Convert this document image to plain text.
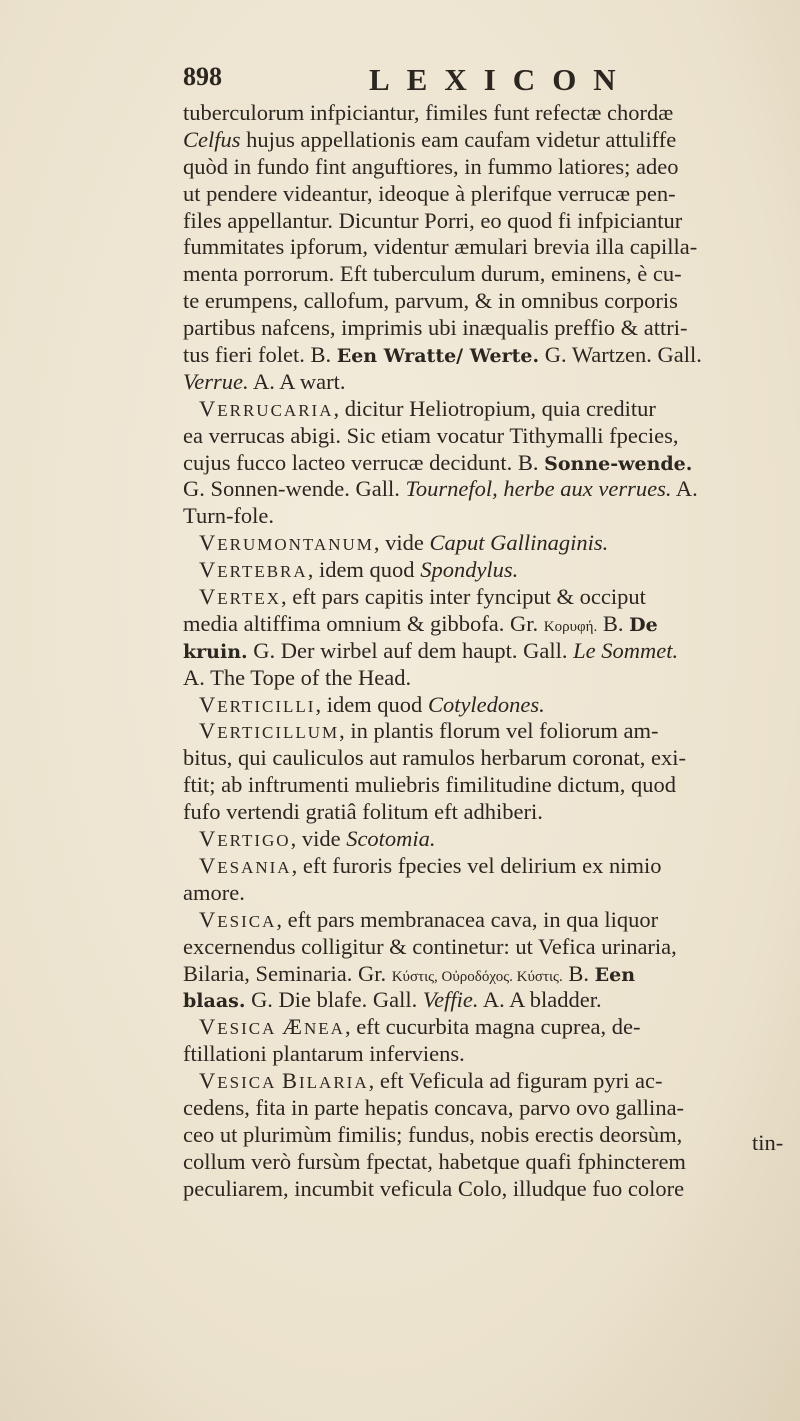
898	LEXICON
tuberculorum infpiciantur, fimiles funt refectæ chordæ
Celfus hujus appellationis eam caufam videtur attuliffe
quòd in fundo fint anguftiores, in fummo latiores; adeo
ut pendere videantur, ideoque à plerifque verrucæ pen-
files appellantur. Dicuntur Porri, eo quod fi infpiciantur
fummitates ipforum, videntur æmulari brevia illa capilla-
menta porrorum. Eft tuberculum durum, eminens, è cu-
te erumpens, callofum, parvum, & in omnibus corporis
partibus nafcens, imprimis ubi inæqualis preffio & attri-
tus fieri folet. B. Een Wratte/ Werte. G. Wartzen. Gall.
Verrue. A. A wart.
VERRUCARIA, dicitur Heliotropium, quia creditur
ea verrucas abigi. Sic etiam vocatur Tithymalli fpecies,
cujus fucco lacteo verrucæ decidunt. B. Sonne-wende.
G. Sonnen-wende. Gall. Tournefol, herbe aux verrues. A.
Turn-fole.
VERUMONTANUM, vide Caput Gallinaginis.
VERTEBRA, idem quod Spondylus.
VERTEX, eft pars capitis inter fynciput & occiput
media altiffima omnium & gibbofa. Gr. Κορυφή. B. De
kruin. G. Der wirbel auf dem haupt. Gall. Le Sommet.
A. The Tope of the Head.
VERTICILLI, idem quod Cotyledones.
VERTICILLUM, in plantis florum vel foliorum am-
bitus, qui cauliculos aut ramulos herbarum coronat, exi-
ftit; ab inftrumenti muliebris fimilitudine dictum, quod
fufo vertendi gratiâ folitum eft adhiberi.
VERTIGO, vide Scotomia.
VESANIA, eft furoris fpecies vel delirium ex nimio
amore.
VESICA, eft pars membranacea cava, in qua liquor
excernendus colligitur & continetur: ut Vefica urinaria,
Bilaria, Seminaria. Gr. Κύστις, Οὐροδόχος. Κύστις. B. Een
blaas. G. Die blafe. Gall. Veffie. A. A bladder.
VESICA ÆNEA, eft cucurbita magna cuprea, de-
ftillationi plantarum inferviens.
VESICA BILARIA, eft Veficula ad figuram pyri ac-
cedens, fita in parte hepatis concava, parvo ovo gallina-
ceo ut plurimùm fimilis; fundus, nobis erectis deorsùm,
collum verò fursùm fpectat, habetque quafi fphincterem
peculiarem, incumbit veficula Colo, illudque fuo colore
tin-
